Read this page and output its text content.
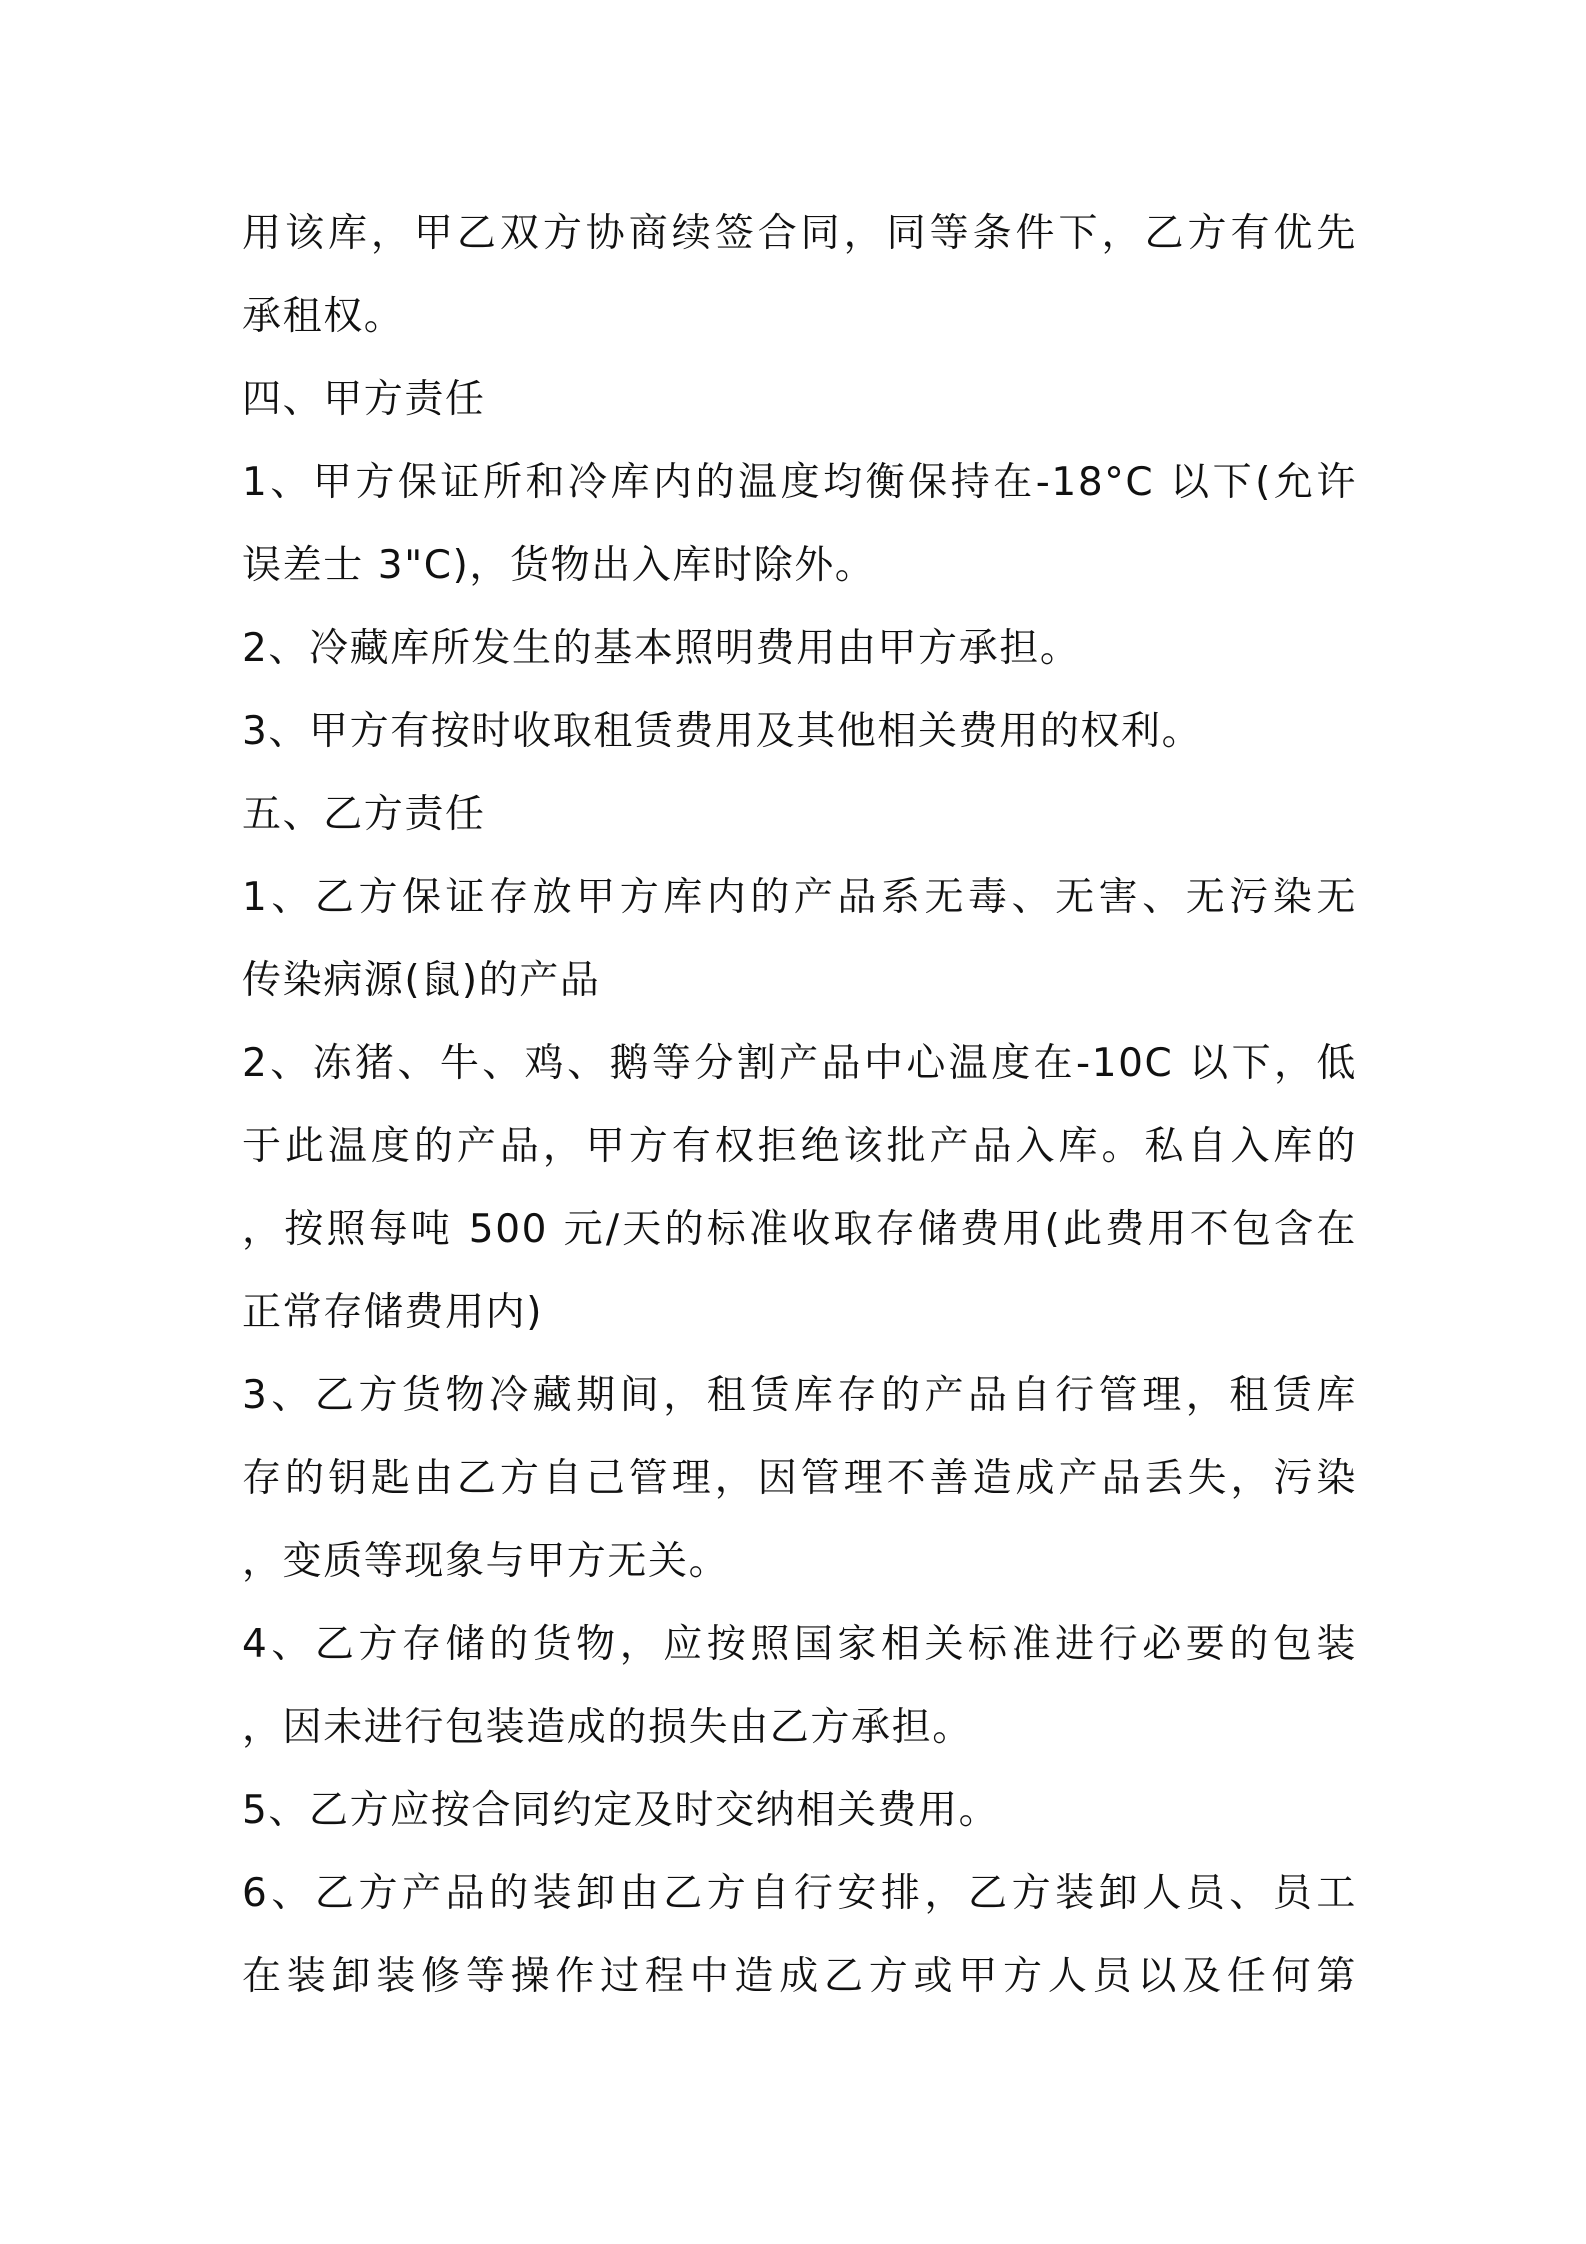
用该库，甲乙双方协商续签合同，同等条件下，乙方有优先
承租权。
四、甲方责任
1、甲方保证所和冷库内的温度均衡保持在-18°C 以下(允许
误差士 3"C)，货物出入库时除外。
2、冷藏库所发生的基本照明费用由甲方承担。
3、甲方有按时收取租赁费用及其他相关费用的权利。
五、乙方责任
1、乙方保证存放甲方库内的产品系无毒、无害、无污染无
传染病源(鼠)的产品
2、冻猪、牛、鸡、鹅等分割产品中心温度在-10C 以下，低
于此温度的产品，甲方有权拒绝该批产品入库。私自入库的
，按照每吨 500 元/天的标准收取存储费用(此费用不包含在
正常存储费用内)
3、乙方货物冷藏期间，租赁库存的产品自行管理，租赁库
存的钥匙由乙方自己管理，因管理不善造成产品丢失，污染
，变质等现象与甲方无关。
4、乙方存储的货物，应按照国家相关标准进行必要的包装
，因未进行包装造成的损失由乙方承担。
5、乙方应按合同约定及时交纳相关费用。
6、乙方产品的装卸由乙方自行安排，乙方装卸人员、员工
在装卸装修等操作过程中造成乙方或甲方人员以及任何第
